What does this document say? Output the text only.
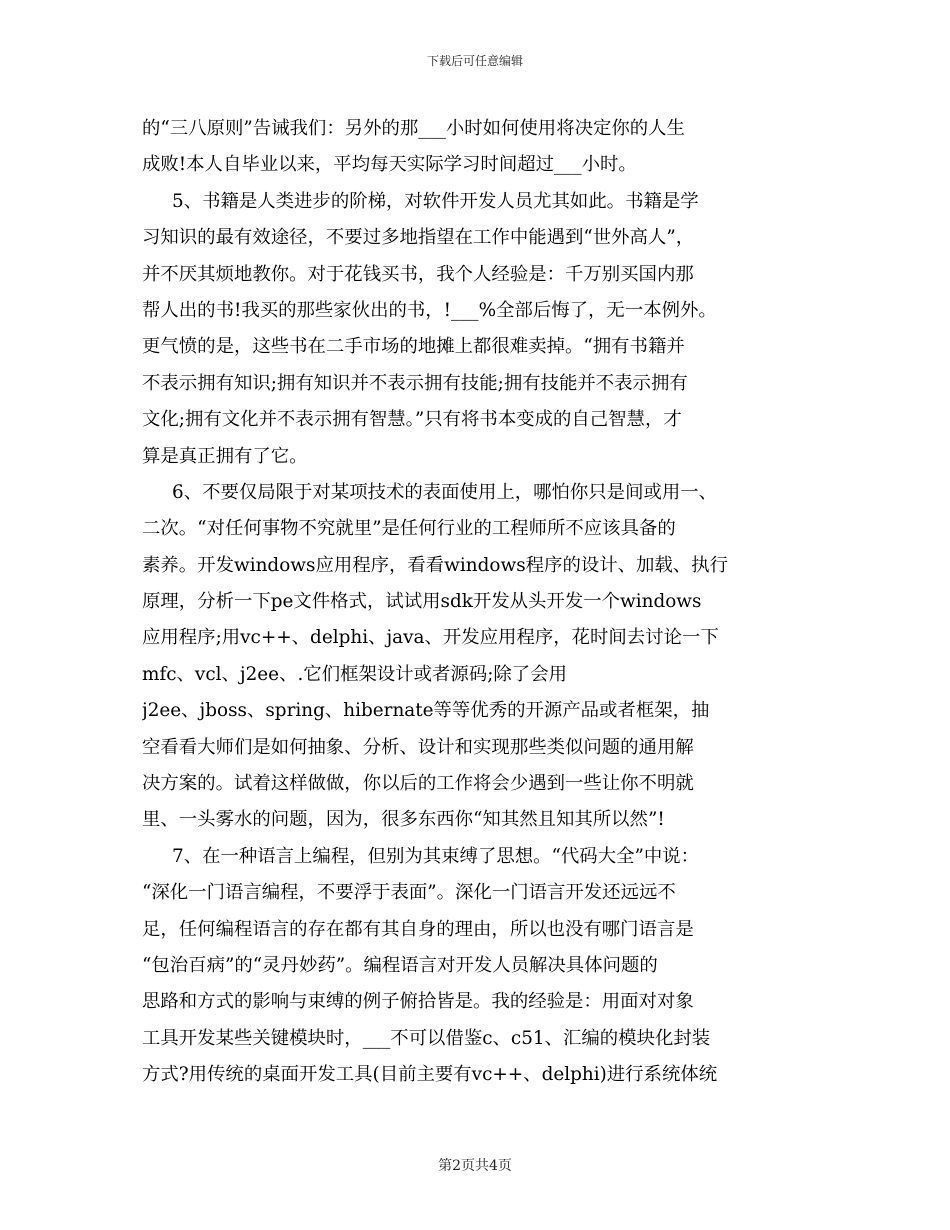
下载后可任意编辑
的“三八原则”告诫我们：另外的那___小时如何使用将决定你的人生
成败!本人自毕业以来，平均每天实际学习时间超过___小时。
5、书籍是人类进步的阶梯，对软件开发人员尤其如此。书籍是学
习知识的最有效途径，不要过多地指望在工作中能遇到“世外高人”，
并不厌其烦地教你。对于花钱买书，我个人经验是：千万别买国内那
帮人出的书!我买的那些家伙出的书，!___%全部后悔了，无一本例外。
更气愤的是，这些书在二手市场的地摊上都很难卖掉。“拥有书籍并
不表示拥有知识;拥有知识并不表示拥有技能;拥有技能并不表示拥有
文化;拥有文化并不表示拥有智慧。”只有将书本变成的自己智慧，才
算是真正拥有了它。
6、不要仅局限于对某项技术的表面使用上，哪怕你只是间或用一、
二次。“对任何事物不究就里”是任何行业的工程师所不应该具备的
素养。开发windows应用程序，看看windows程序的设计、加载、执行
原理，分析一下pe文件格式，试试用sdk开发从头开发一个windows
应用程序;用vc++、delphi、java、开发应用程序，花时间去讨论一下
mfc、vcl、j2ee、.它们框架设计或者源码;除了会用
j2ee、jboss、spring、hibernate等等优秀的开源产品或者框架，抽
空看看大师们是如何抽象、分析、设计和实现那些类似问题的通用解
决方案的。试着这样做做，你以后的工作将会少遇到一些让你不明就
里、一头雾水的问题，因为，很多东西你“知其然且知其所以然”!
7、在一种语言上编程，但别为其束缚了思想。“代码大全”中说：
“深化一门语言编程，不要浮于表面”。深化一门语言开发还远远不
足，任何编程语言的存在都有其自身的理由，所以也没有哪门语言是
“包治百病”的“灵丹妙药”。编程语言对开发人员解决具体问题的
思路和方式的影响与束缚的例子俯拾皆是。我的经验是：用面对对象
工具开发某些关键模块时，___不可以借鉴c、c51、汇编的模块化封装
方式?用传统的桌面开发工具(目前主要有vc++、delphi)进行系统体统
第2页共4页
